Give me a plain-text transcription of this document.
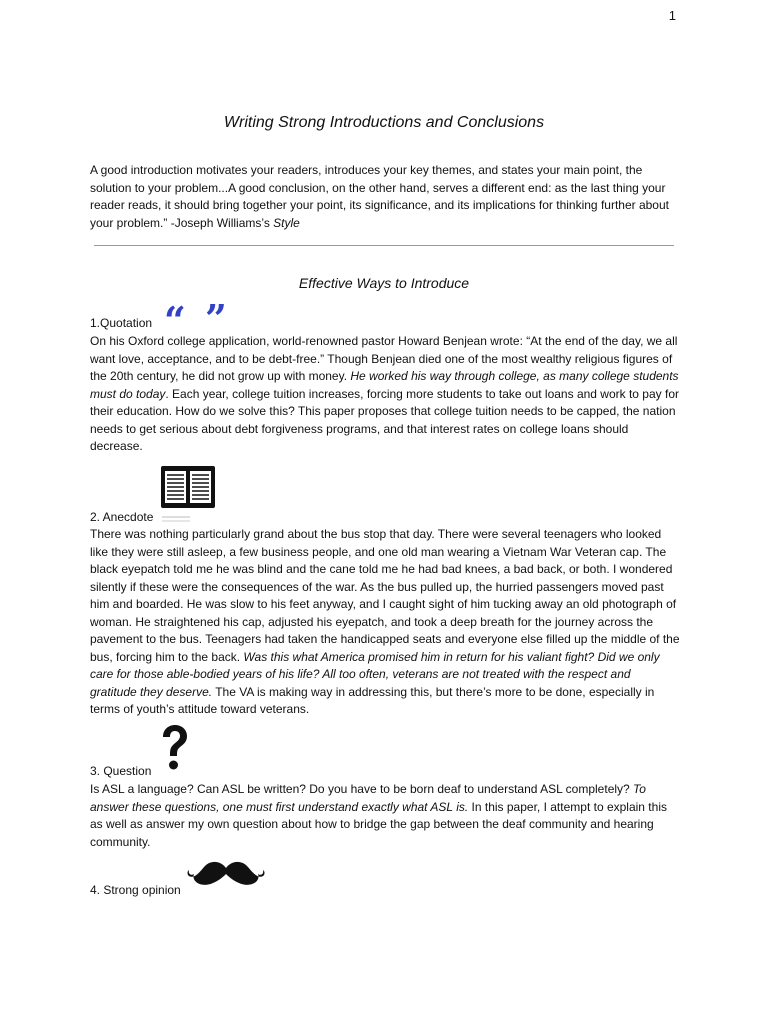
1
Writing Strong Introductions and Conclusions

A good introduction motivates your readers, introduces your key themes, and states your main point, the solution to your problem...A good conclusion, on the other hand, serves a different end: as the last thing your reader reads, it should bring together your point, its significance, and its implications for thinking further about your problem.” -Joseph Williams’s Style

Effective Ways to Introduce
“ ”
1.Quotation

On his Oxford college application, world-renowned pastor Howard Benjean wrote: “At the end of the day, we all want love, acceptance, and to be debt-free.” Though Benjean died one of the most wealthy religious figures of the 20th century, he did not grow up with money. He worked his way through college, as many college students must do today. Each year, college tuition increases, forcing more students to take out loans and work to pay for their education. How do we solve this? This paper proposes that college tuition needs to be capped, the nation needs to get serious about debt forgiveness programs, and that interest rates on college loans should decrease.

2. Anecdote

There was nothing particularly grand about the bus stop that day. There were several teenagers who looked like they were still asleep, a few business people, and one old man wearing a Vietnam War Veteran cap. The black eyepatch told me he was blind and the cane told me he had bad knees, a bad back, or both. I wondered silently if these were the consequences of the war. As the bus pulled up, the hurried passengers moved past him and boarded. He was slow to his feet anyway, and I caught sight of him tucking away an old photograph of woman. He straightened his cap, adjusted his eyepatch, and took a deep breath for the journey across the pavement to the bus. Teenagers had taken the handicapped seats and everyone else filled up the middle of the bus, forcing him to the back. Was this what America promised him in return for his valiant fight? Did we only care for those able-bodied years of his life? All too often, veterans are not treated with the respect and gratitude they deserve. The VA is making way in addressing this, but there’s more to be done, especially in terms of youth’s attitude toward veterans.

3. Question

Is ASL a language? Can ASL be written? Do you have to be born deaf to understand ASL completely? To answer these questions, one must first understand exactly what ASL is. In this paper, I attempt to explain this as well as answer my own question about how to bridge the gap between the deaf community and hearing community.

4. Strong opinion
